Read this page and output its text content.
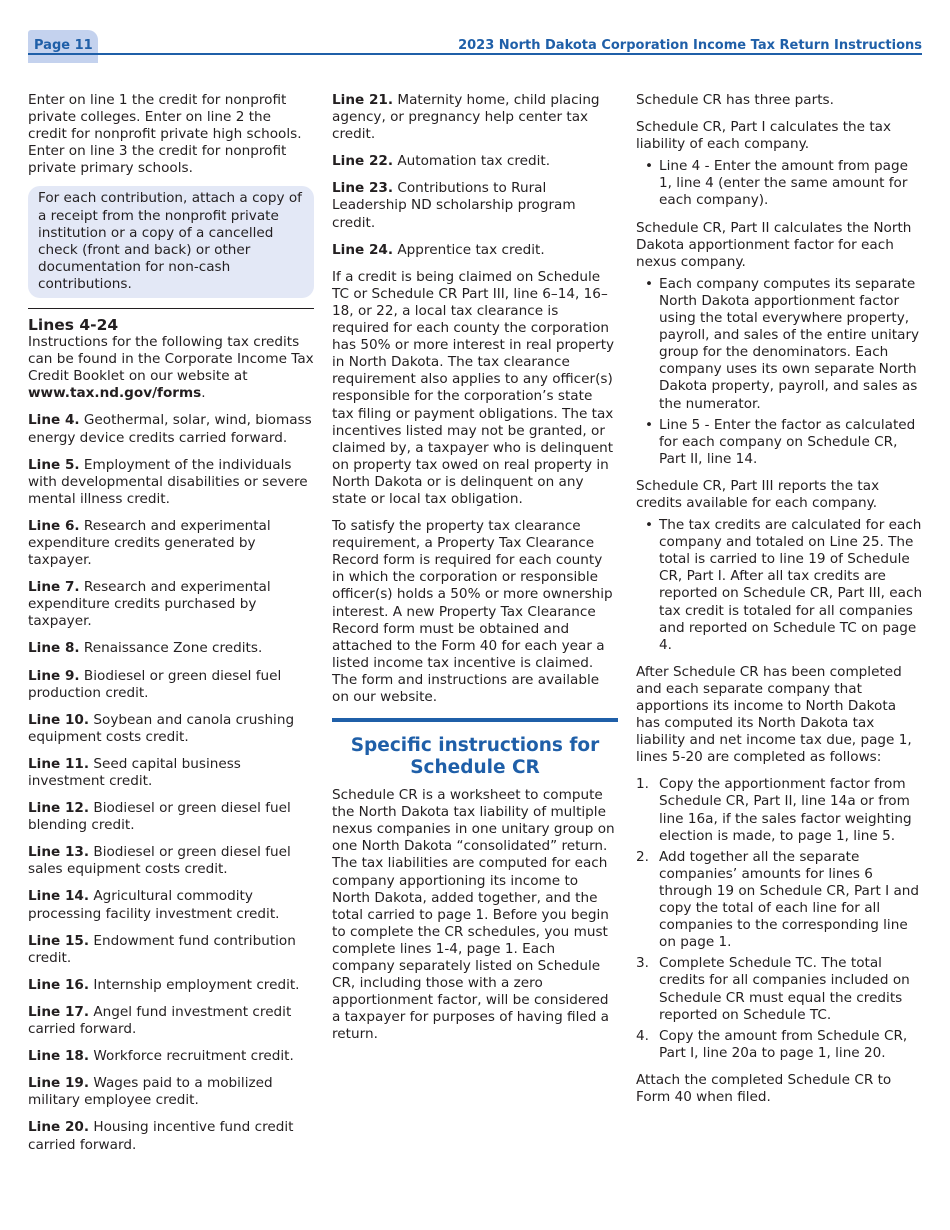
Page 11	2023 North Dakota Corporation Income Tax Return Instructions

Enter on line 1 the credit for nonprofit private colleges. Enter on line 2 the credit for nonprofit private high schools. Enter on line 3 the credit for nonprofit private primary schools.

For each contribution, attach a copy of a receipt from the nonprofit private institution or a copy of a cancelled check (front and back) or other documentation for non-cash contributions.
Lines 4-24

Instructions for the following tax credits can be found in the Corporate Income Tax Credit Booklet on our website at www.tax.nd.gov/forms.

Line 4. Geothermal, solar, wind, biomass energy device credits carried forward.

Line 5. Employment of the individuals with developmental disabilities or severe mental illness credit.

Line 6. Research and experimental expenditure credits generated by taxpayer.

Line 7. Research and experimental expenditure credits purchased by taxpayer.

Line 8. Renaissance Zone credits.

Line 9. Biodiesel or green diesel fuel production credit.

Line 10. Soybean and canola crushing equipment costs credit.

Line 11. Seed capital business investment credit.

Line 12. Biodiesel or green diesel fuel blending credit.

Line 13. Biodiesel or green diesel fuel sales equipment costs credit.

Line 14. Agricultural commodity processing facility investment credit.

Line 15. Endowment fund contribution credit.

Line 16. Internship employment credit.

Line 17. Angel fund investment credit carried forward.

Line 18. Workforce recruitment credit.

Line 19. Wages paid to a mobilized military employee credit.

Line 20. Housing incentive fund credit carried forward.

Line 21. Maternity home, child placing agency, or pregnancy help center tax credit.

Line 22. Automation tax credit.

Line 23. Contributions to Rural Leadership ND scholarship program credit.

Line 24. Apprentice tax credit.

If a credit is being claimed on Schedule TC or Schedule CR Part III, line 6–14, 16–18, or 22, a local tax clearance is required for each county the corporation has 50% or more interest in real property in North Dakota. The tax clearance requirement also applies to any officer(s) responsible for the corporation’s state tax filing or payment obligations. The tax incentives listed may not be granted, or claimed by, a taxpayer who is delinquent on property tax owed on real property in North Dakota or is delinquent on any state or local tax obligation.

To satisfy the property tax clearance requirement, a Property Tax Clearance Record form is required for each county in which the corporation or responsible officer(s) holds a 50% or more ownership interest. A new Property Tax Clearance Record form must be obtained and attached to the Form 40 for each year a listed income tax incentive is claimed. The form and instructions are available on our website.

Specific instructions for Schedule CR

Schedule CR is a worksheet to compute the North Dakota tax liability of multiple nexus companies in one unitary group on one North Dakota “consolidated” return. The tax liabilities are computed for each company apportioning its income to North Dakota, added together, and the total carried to page 1. Before you begin to complete the CR schedules, you must complete lines 1-4, page 1. Each company separately listed on Schedule CR, including those with a zero apportionment factor, will be considered a taxpayer for purposes of having filed a return.

Schedule CR has three parts.

Schedule CR, Part I calculates the tax liability of each company.

• Line 4 - Enter the amount from page 1, line 4 (enter the same amount for each company).

Schedule CR, Part II calculates the North Dakota apportionment factor for each nexus company.

• Each company computes its separate North Dakota apportionment factor using the total everywhere property, payroll, and sales of the entire unitary group for the denominators. Each company uses its own separate North Dakota property, payroll, and sales as the numerator.
• Line 5 - Enter the factor as calculated for each company on Schedule CR, Part II, line 14.

Schedule CR, Part III reports the tax credits available for each company.

• The tax credits are calculated for each company and totaled on Line 25. The total is carried to line 19 of Schedule CR, Part I. After all tax credits are reported on Schedule CR, Part III, each tax credit is totaled for all companies and reported on Schedule TC on page 4.

After Schedule CR has been completed and each separate company that apportions its income to North Dakota has computed its North Dakota tax liability and net income tax due, page 1, lines 5-20 are completed as follows:

1. Copy the apportionment factor from Schedule CR, Part II, line 14a or from line 16a, if the sales factor weighting election is made, to page 1, line 5.
2. Add together all the separate companies’ amounts for lines 6 through 19 on Schedule CR, Part I and copy the total of each line for all companies to the corresponding line on page 1.
3. Complete Schedule TC. The total credits for all companies included on Schedule CR must equal the credits reported on Schedule TC.
4. Copy the amount from Schedule CR, Part I, line 20a to page 1, line 20.

Attach the completed Schedule CR to Form 40 when filed.
